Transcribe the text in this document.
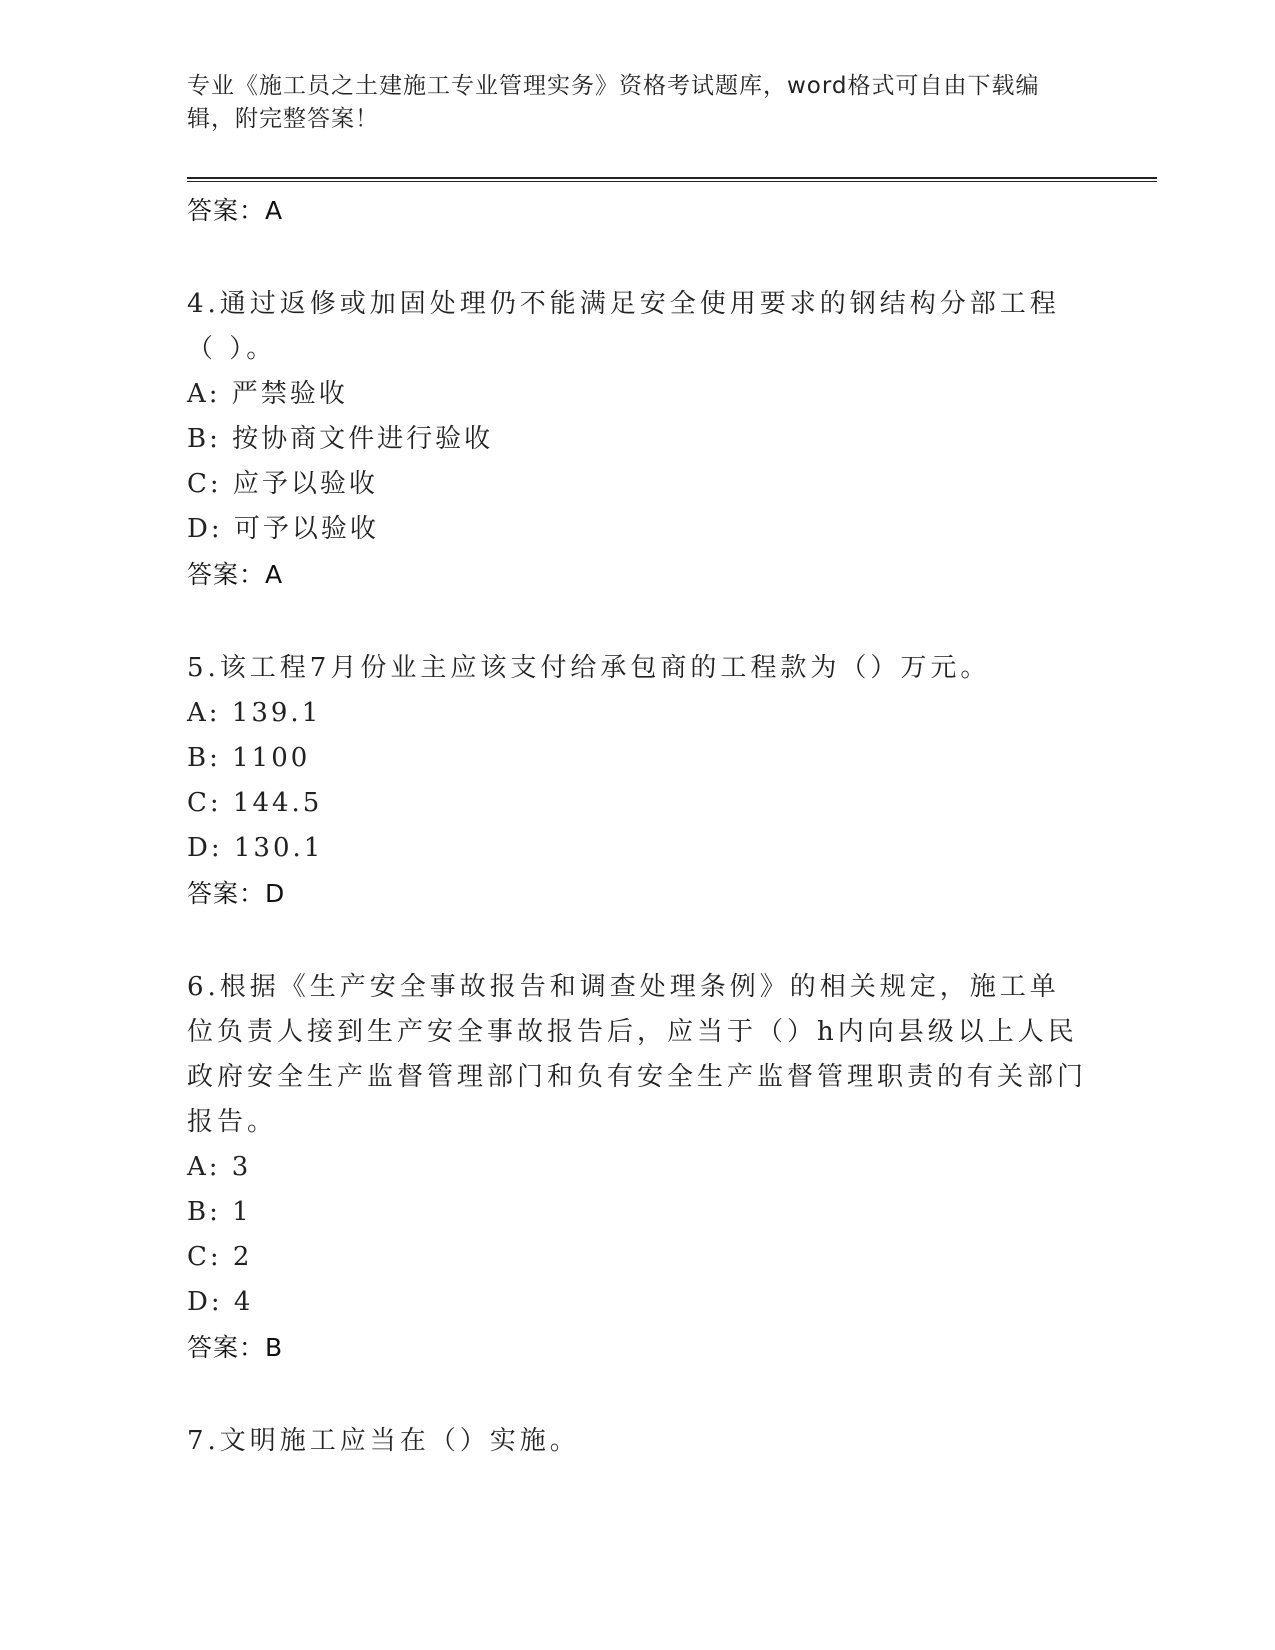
专业《施工员之土建施工专业管理实务》资格考试题库，word格式可自由下载编辑，附完整答案！
答案：A
4.通过返修或加固处理仍不能满足安全使用要求的钢结构分部工程（ ）。
A: 严禁验收
B: 按协商文件进行验收
C: 应予以验收
D: 可予以验收
答案：A
5.该工程7月份业主应该支付给承包商的工程款为（）万元。
A: 139.1
B: 1100
C: 144.5
D: 130.1
答案：D
6.根据《生产安全事故报告和调查处理条例》的相关规定，施工单位负责人接到生产安全事故报告后，应当于（）h内向县级以上人民政府安全生产监督管理部门和负有安全生产监督管理职责的有关部门报告。
A: 3
B: 1
C: 2
D: 4
答案：B
7.文明施工应当在（）实施。
